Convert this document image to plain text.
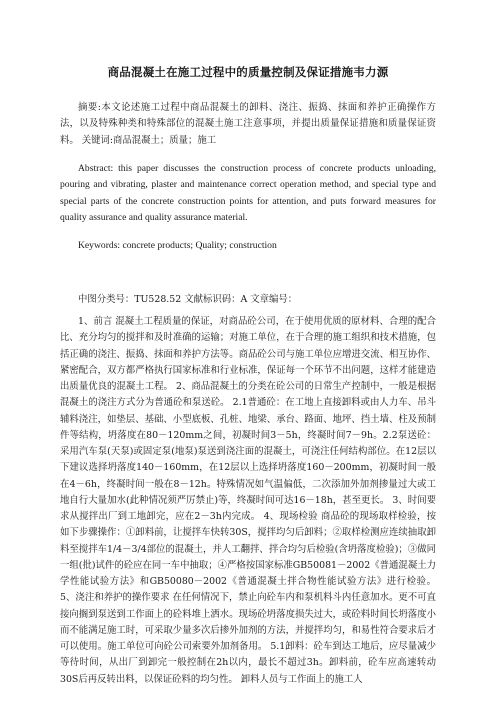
商品混凝土在施工过程中的质量控制及保证措施韦力源

摘要:本文论述施工过程中商品混凝土的卸料、浇注、振捣、抹面和养护正确操作方法，以及特殊种类和特殊部位的混凝土施工注意事项，并提出质量保证措施和质量保证资料。 关键词:商品混凝土；质量；施工

Abstract: this paper discusses the construction process of concrete products unloading, pouring and vibrating, plaster and maintenance correct operation method, and special type and special parts of the concrete construction points for attention, and puts forward measures for quality assurance and quality assurance material.

Keywords: concrete products; Quality; construction

中图分类号：TU528.52 文献标识码：A 文章编号：

1、前言 混凝土工程质量的保证，对商品砼公司，在于使用优质的原材料、合理的配合比、充分均匀的搅拌和及时准确的运输；对施工单位，在于合理的施工组织和技术措施，包括正确的浇注、振捣、抹面和养护方法等。商品砼公司与施工单位应增进交流、相互协作、紧密配合，双方都严格执行国家标准和行业标准，保证每一个环节不出问题，这样才能建造出质量优良的混凝土工程。 2、商品混凝土的分类在砼公司的日常生产控制中，一般是根据混凝土的浇注方式分为普通砼和泵送砼。 2.1普通砼：在工地上直接卸料或由人力车、吊斗辅料浇注，如垫层、基础、小型底板、孔桩、地梁、承台、路面、地坪、挡土墙、柱及预制件等结构，坍落度在80－120mm之间，初凝时间3－5h，终凝时间7－9h。2.2泵送砼：采用汽车泵(天泵)或固定泵(地泵)泵送到浇注面的混凝土，可浇注任何结构部位。在12层以下建议选择坍落度140－160mm，在12层以上选择坍落度160－200mm，初凝时间一般在4－6h，终凝时间一般在8－12h。特殊情况如气温偏低，二次添加外加剂掺量过大或工地自行大量加水(此种情况须严厉禁止)等，终凝时间可达16－18h，甚至更长。 3、时间要求从搅拌出厂到工地卸完，应在2－3h内完成。 4、现场检验 商品砼的现场取样检验，按如下步骤操作：①卸料前，让搅拌车快转30S，搅拌均匀后卸料；②取样检测应连续抽取卸料至搅拌车1/4－3/4部位的混凝土，并人工翻拌、拌合均匀后检验(含坍落度检验)；③做同一组(批)试件的砼应在同一车中抽取；④严格按国家标准GB50081－2002《普通混凝土力学性能试验方法》和GB50080－2002《普通混凝土拌合物性能试验方法》进行检验。 5、浇注和养护的操作要求 在任何情况下，禁止向砼车内和泵机料斗内任意加水。更不可直接向搁到泵送到工作面上的砼料堆上洒水。现场砼坍落度损失过大，或砼料时间长坍落度小而不能满足施工时，可采取少量多次后掺外加剂的方法，并搅拌均匀，和易性符合要求后才可以使用。施工单位可向砼公司索要外加剂备用。 5.1卸料：砼车到达工地后，应尽量减少等待时间，从出厂到卸完一般控制在2h以内，最长不超过3h。卸料前，砼车应高速转动30S后再反转出料，以保证砼料的均匀性。 卸料人员与工作面上的施工人
